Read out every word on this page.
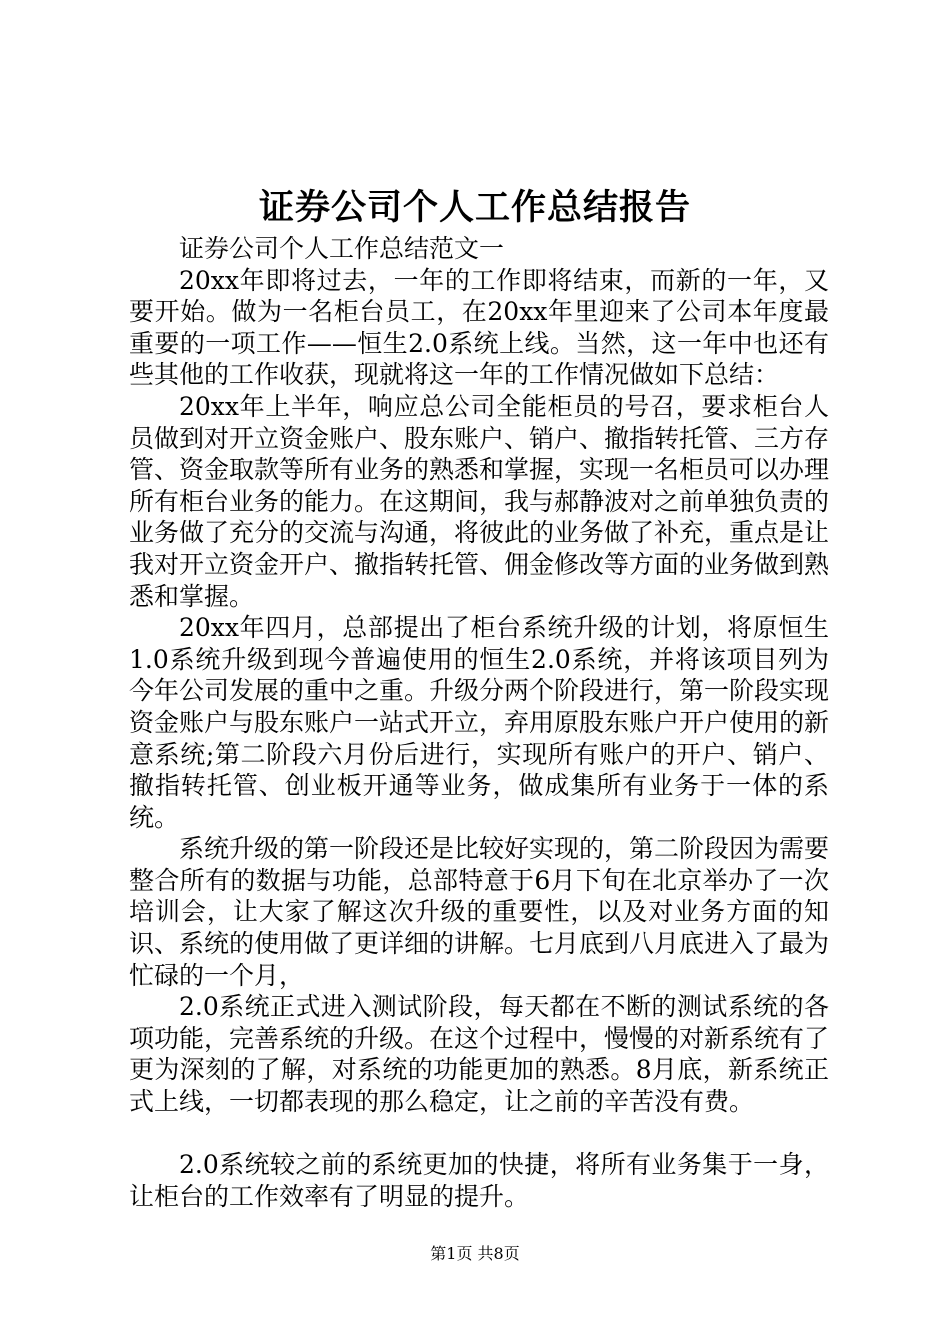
证券公司个人工作总结报告

证券公司个人工作总结范文一

20xx年即将过去，一年的工作即将结束，而新的一年，又要开始。做为一名柜台员工，在20xx年里迎来了公司本年度最重要的一项工作——恒生2.0系统上线。当然，这一年中也还有些其他的工作收获，现就将这一年的工作情况做如下总结：

20xx年上半年，响应总公司全能柜员的号召，要求柜台人员做到对开立资金账户、股东账户、销户、撤指转托管、三方存管、资金取款等所有业务的熟悉和掌握，实现一名柜员可以办理所有柜台业务的能力。在这期间，我与郝静波对之前单独负责的业务做了充分的交流与沟通，将彼此的业务做了补充，重点是让我对开立资金开户、撤指转托管、佣金修改等方面的业务做到熟悉和掌握。

20xx年四月，总部提出了柜台系统升级的计划，将原恒生1.0系统升级到现今普遍使用的恒生2.0系统，并将该项目列为今年公司发展的重中之重。升级分两个阶段进行，第一阶段实现资金账户与股东账户一站式开立，弃用原股东账户开户使用的新意系统;第二阶段六月份后进行，实现所有账户的开户、销户、撤指转托管、创业板开通等业务，做成集所有业务于一体的系统。

系统升级的第一阶段还是比较好实现的，第二阶段因为需要整合所有的数据与功能，总部特意于6月下旬在北京举办了一次培训会，让大家了解这次升级的重要性，以及对业务方面的知识、系统的使用做了更详细的讲解。七月底到八月底进入了最为忙碌的一个月，

2.0系统正式进入测试阶段，每天都在不断的测试系统的各项功能，完善系统的升级。在这个过程中，慢慢的对新系统有了更为深刻的了解，对系统的功能更加的熟悉。8月底，新系统正式上线，一切都表现的那么稳定，让之前的辛苦没有费。

2.0系统较之前的系统更加的快捷，将所有业务集于一身，让柜台的工作效率有了明显的提升。

第1页 共8页
